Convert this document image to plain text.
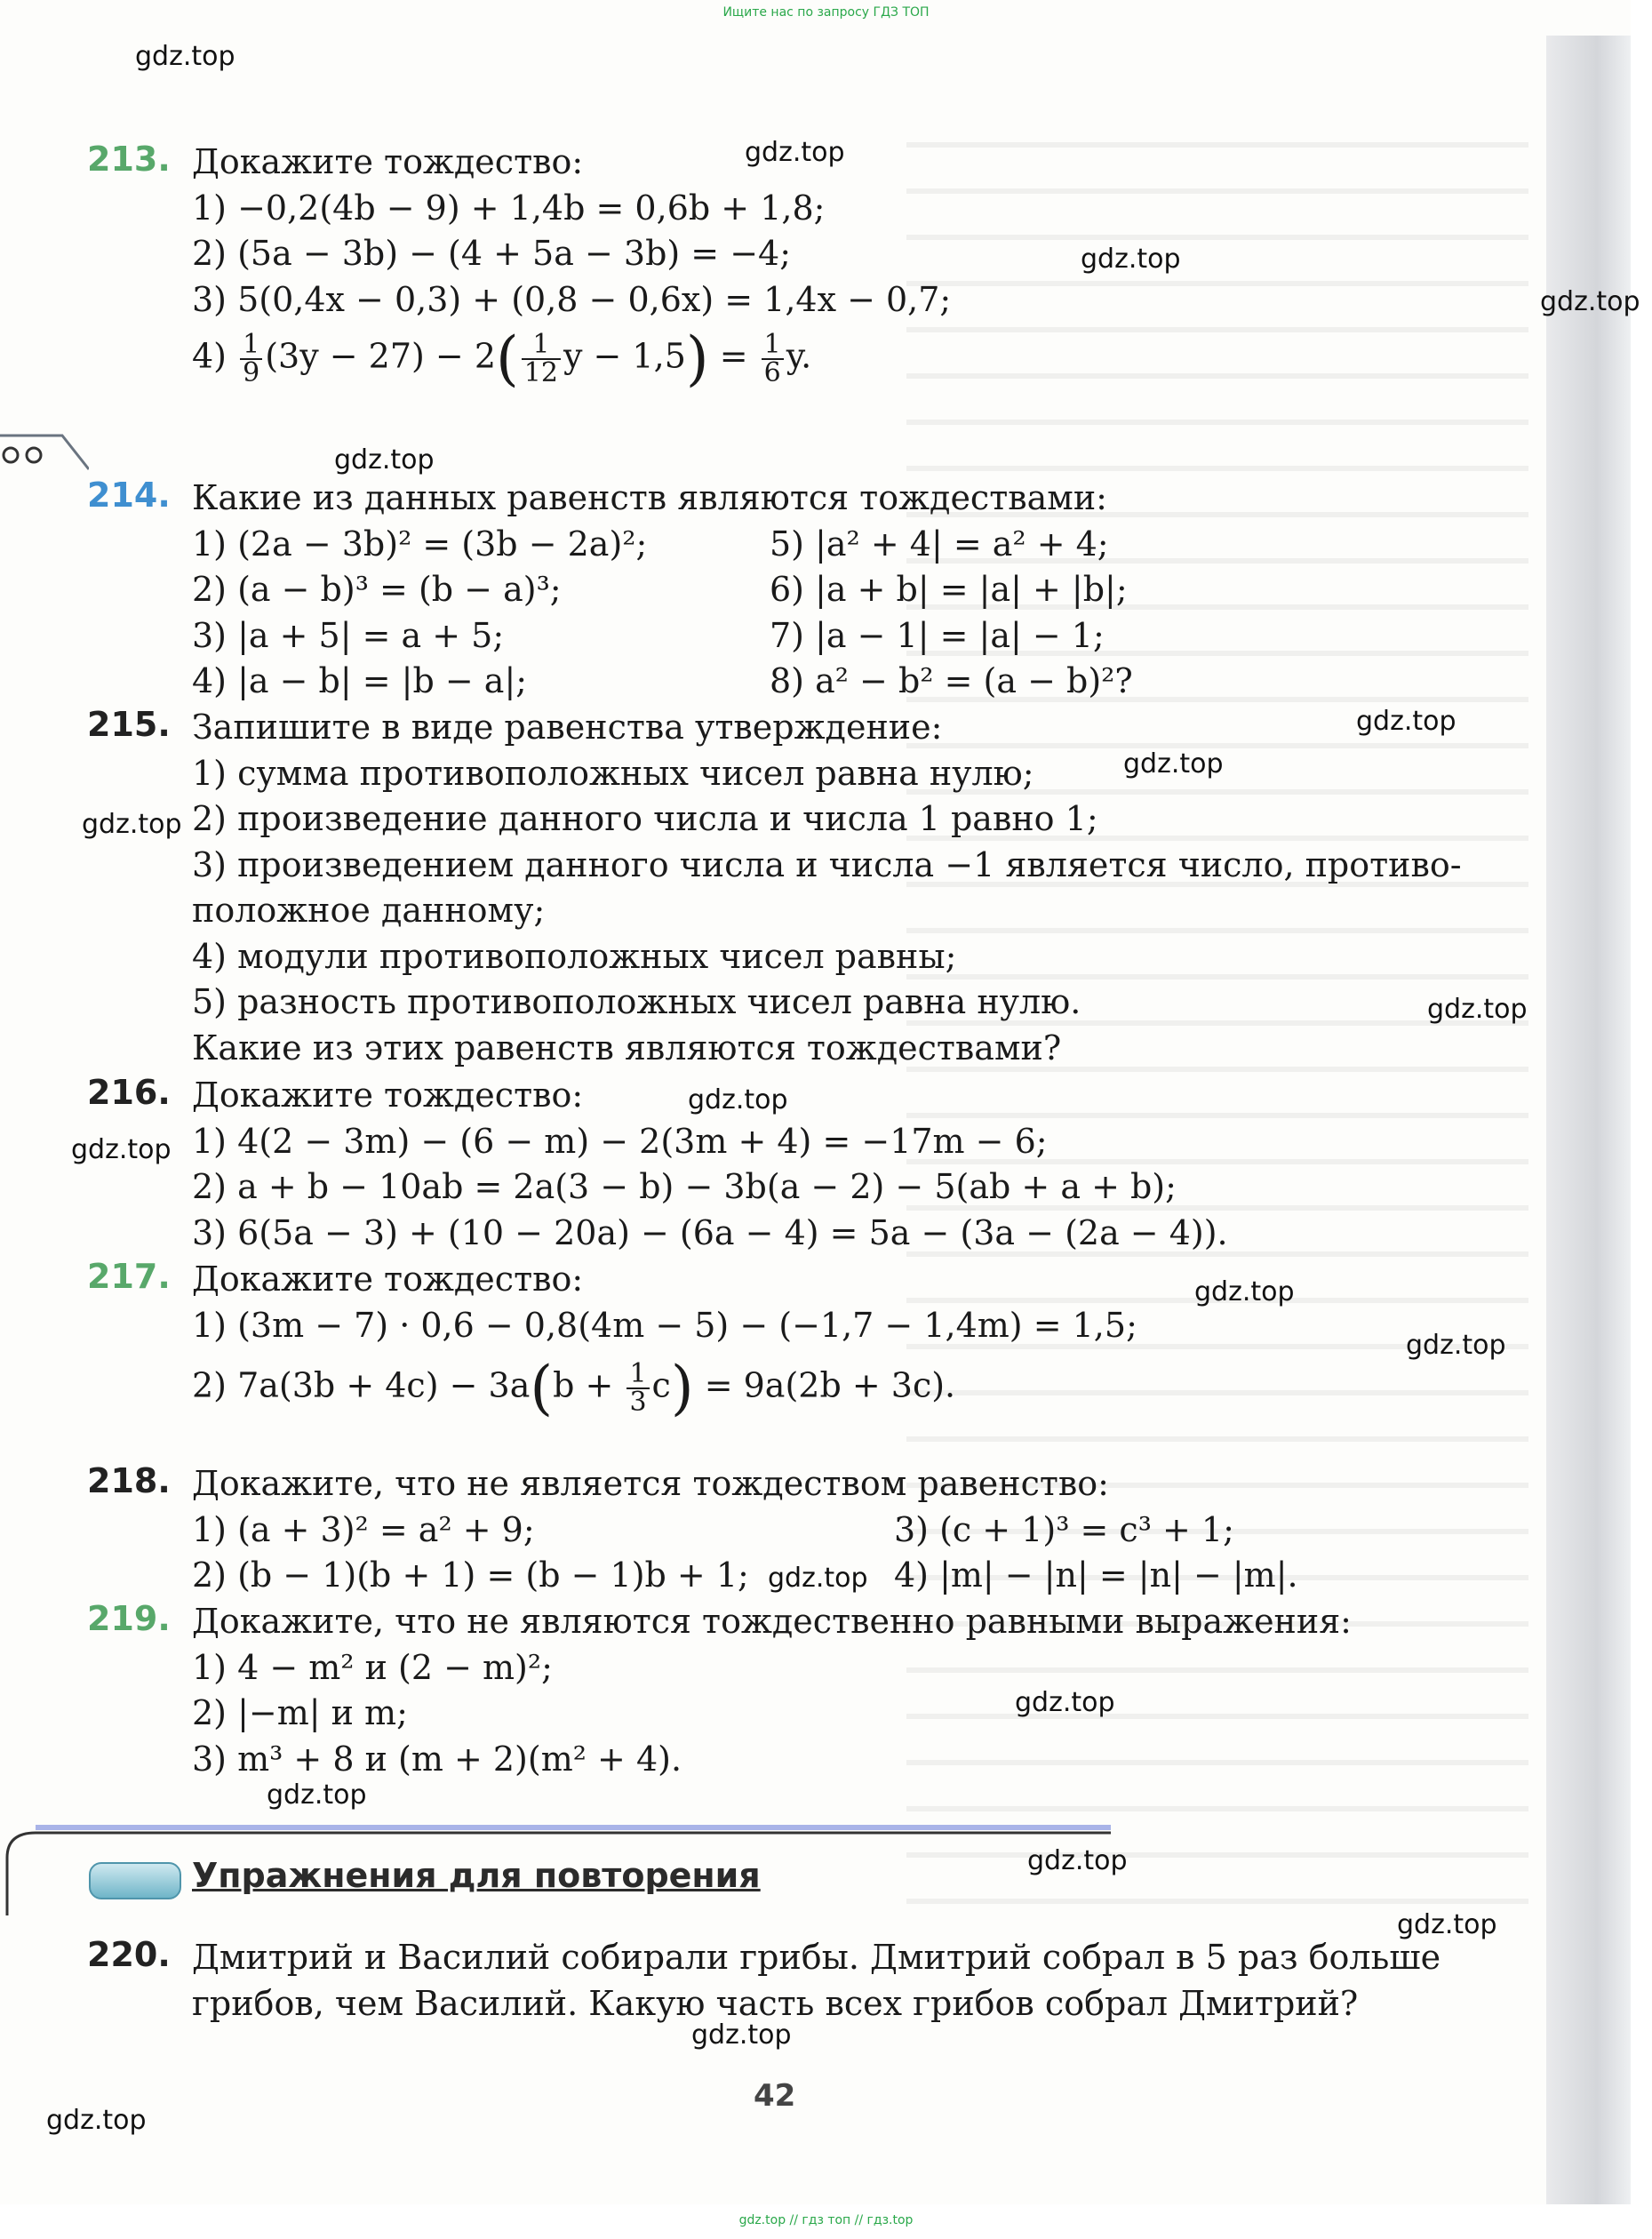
Ищите нас по запросу ГДЗ ТОП
gdz.top
gdz.top
gdz.top
gdz.top
gdz.top
gdz.top
gdz.top
gdz.top
gdz.top
gdz.top
gdz.top
gdz.top
gdz.top
gdz.top
gdz.top
gdz.top
gdz.top
gdz.top
gdz.top
gdz.top
213. Докажите тождество:
1) −0,2(4b − 9) + 1,4b = 0,6b + 1,8;
2) (5a − 3b) − (4 + 5a − 3b) = −4;
3) 5(0,4x − 0,3) + (0,8 − 0,6x) = 1,4x − 0,7;
$4) \frac{1}{9} (3y - 27) - 2( \frac{1}{12}$ $y - 1,5) = \frac{1}{6} y$.
214. Какие из данных равенств являются тождествами:
1) (2a − 3b)² = (3b − 2a)²;	5) |a² + 4| = a² + 4;
2) (a − b)³ = (b − a)³;	6) |a + b| = |a| + |b|;
3) |a + 5| = a + 5;	7) |a − 1| = |a| − 1;
4) |a − b| = |b − a|;	8) a² − b² = (a − b)²?
215. Запишите в виде равенства утверждение:
1) сумма противоположных чисел равна нулю;
2) произведение данного числа и числа 1 равно 1;
3) произведением данного числа и числа −1 является число, противо-
положное данному;
4) модули противоположных чисел равны;
5) разность противоположных чисел равна нулю.
Какие из этих равенств являются тождествами?
216. Докажите тождество:
1) 4(2 − 3m) − (6 − m) − 2(3m + 4) = −17m − 6;
2) a + b − 10ab = 2a(3 − b) − 3b(a − 2) − 5(ab + a + b);
3) 6(5a − 3) + (10 − 20a) − (6a − 4) = 5a − (3a − (2a − 4)).
217. Докажите тождество:
1) (3m − 7) · 0,6 − 0,8(4m − 5) − (−1,7 − 1,4m) = 1,5;
2) $7a(3b + 4c) - 3a(b + \frac{1}{3} c) = 9a(2b + 3c)$.
218. Докажите, что не является тождеством равенство:
1) (a + 3)² = a² + 9;	3) (c + 1)³ = c³ + 1;
2) (b − 1)(b + 1) = (b − 1)b + 1;	4) |m| − |n| = |n| − |m|.
219. Докажите, что не являются тождественно равными выражения:
1) 4 − m² и (2 − m)²;
2) |−m| и m;
3) m³ + 8 и (m + 2)(m² + 4).
Упражнения для повторения
220. Дмитрий и Василий собирали грибы. Дмитрий собрал в 5 раз больше
грибов, чем Василий. Какую часть всех грибов собрал Дмитрий?
42
gdz.top // гдз топ // гдз.top
